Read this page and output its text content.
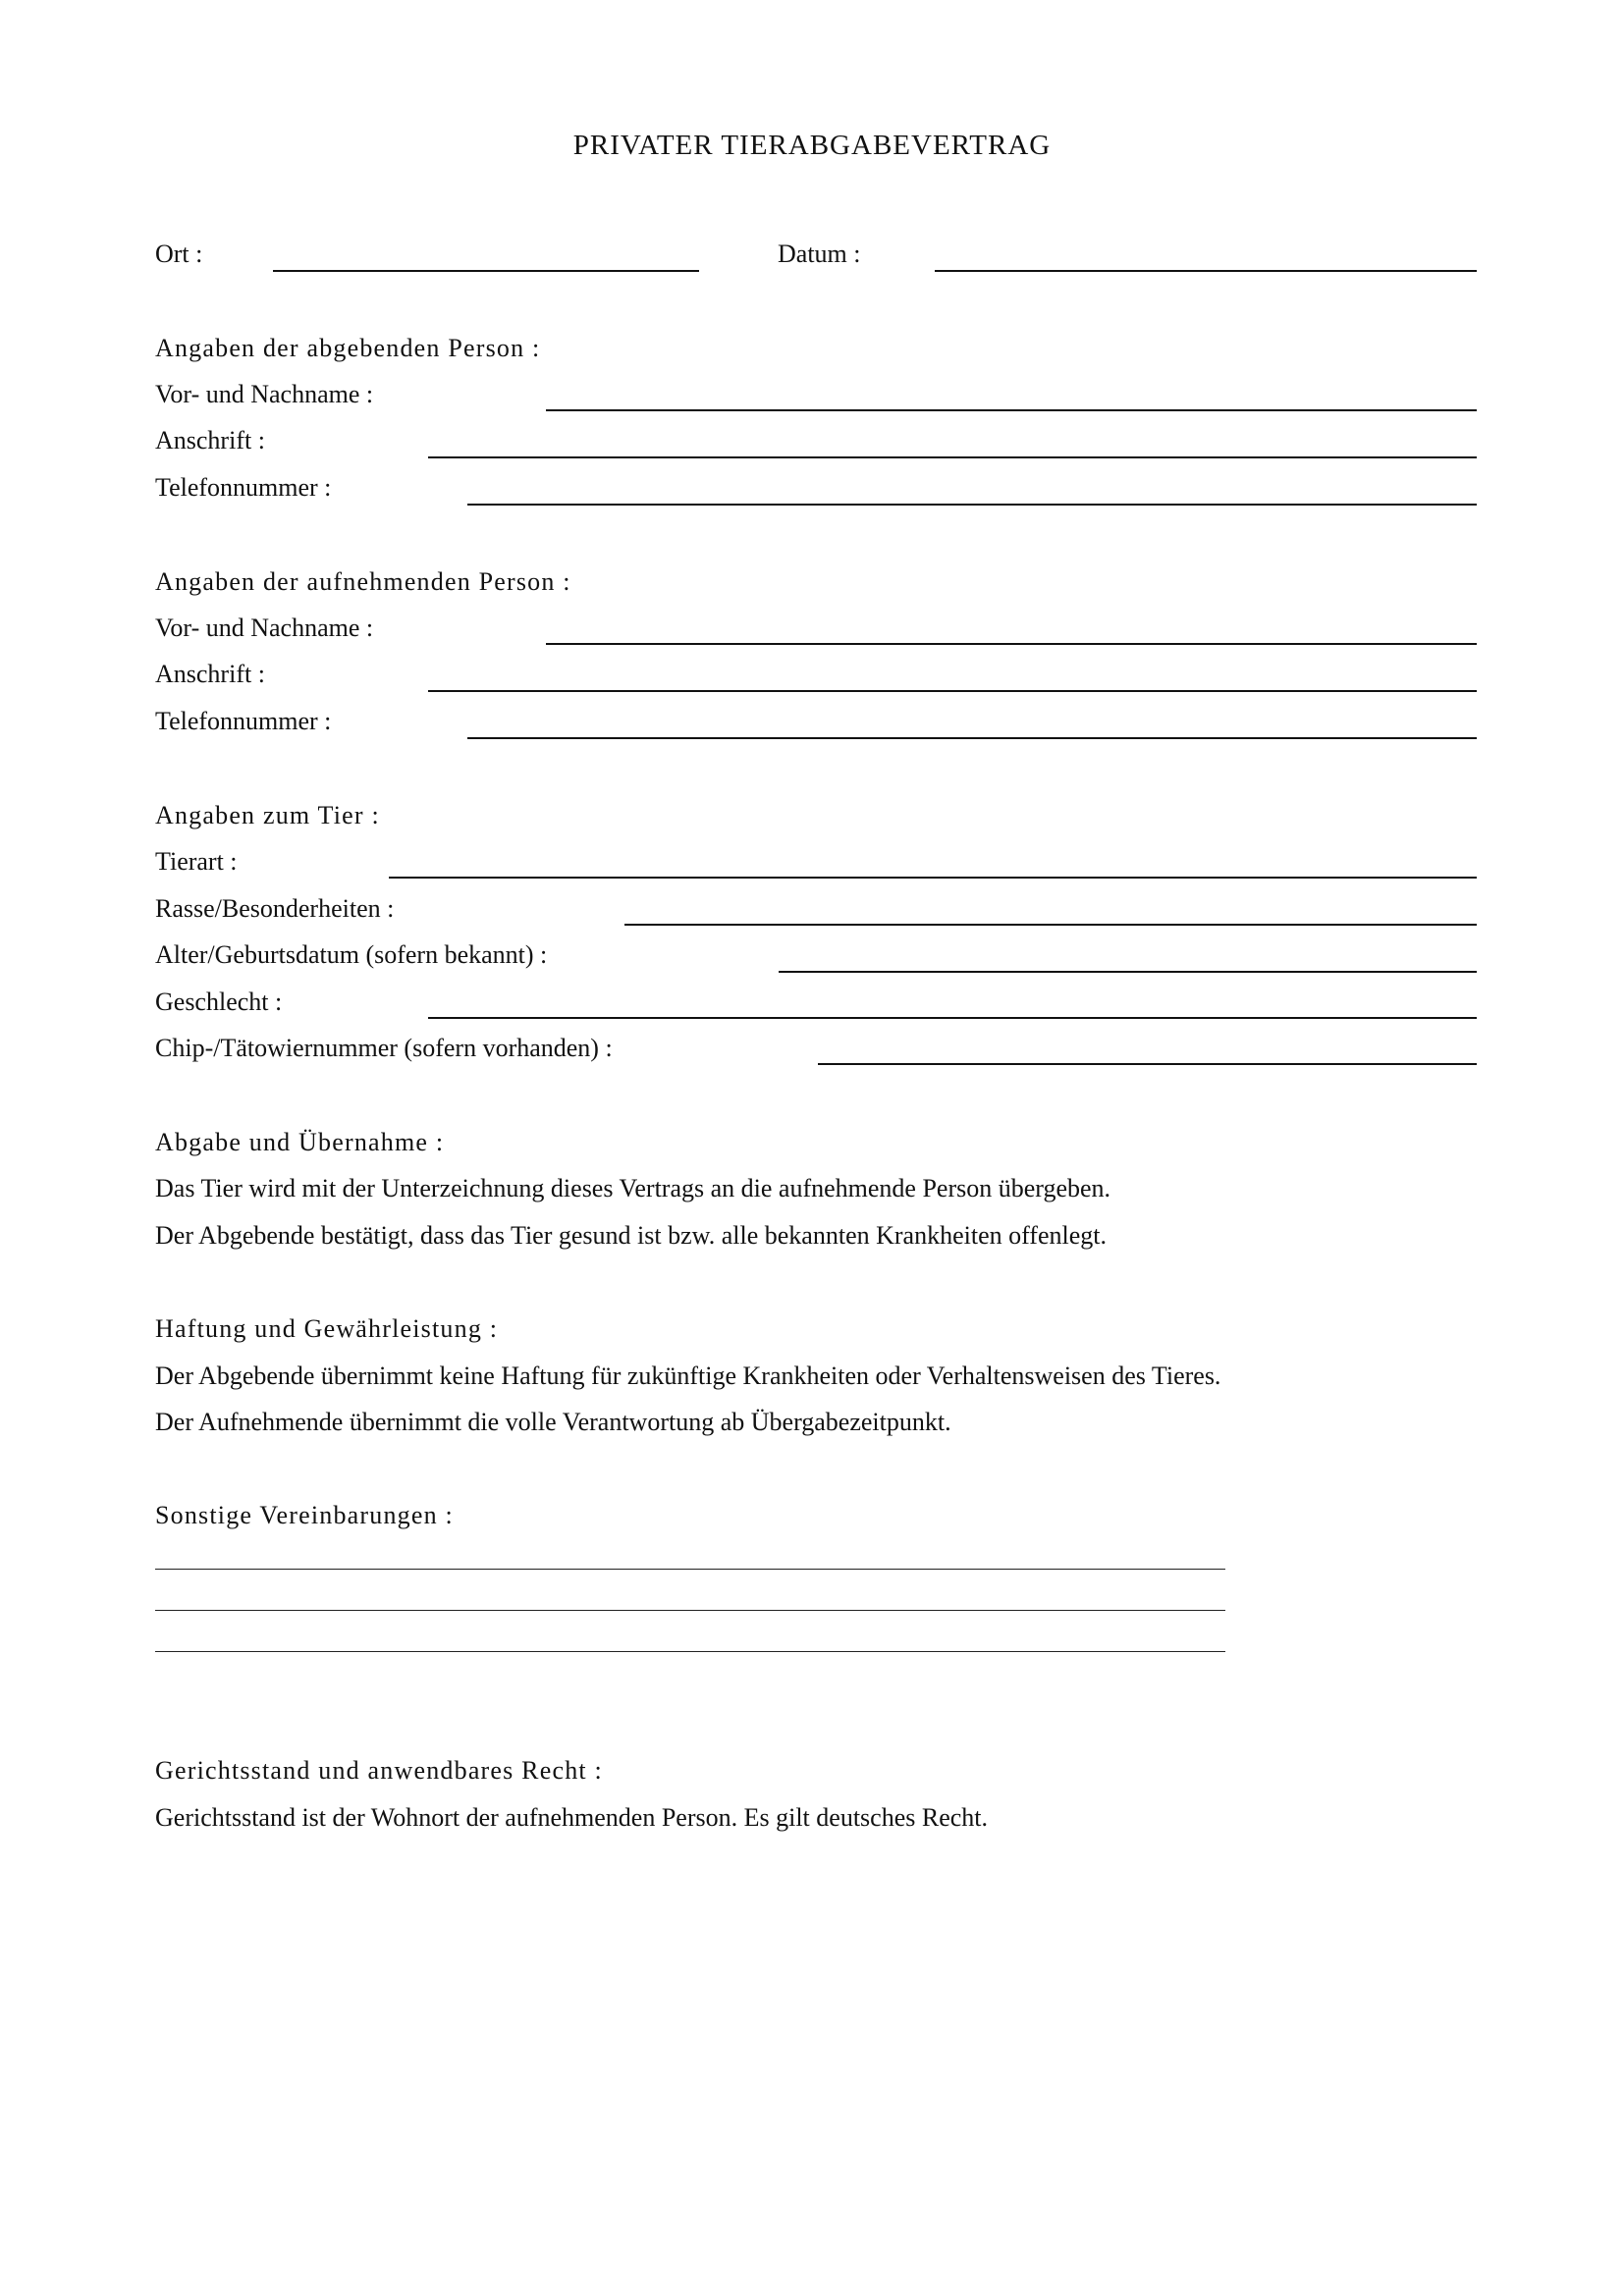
PRIVATER TIERABGABEVERTRAG
Ort :	Datum :
Angaben der abgebenden Person :
Vor- und Nachname :
Anschrift :
Telefonnummer :
Angaben der aufnehmenden Person :
Vor- und Nachname :
Anschrift :
Telefonnummer :
Angaben zum Tier :
Tierart :
Rasse/Besonderheiten :
Alter/Geburtsdatum (sofern bekannt) :
Geschlecht :
Chip-/Tätowiernummer (sofern vorhanden) :
Abgabe und Übernahme :
Das Tier wird mit der Unterzeichnung dieses Vertrags an die aufnehmende Person übergeben.
Der Abgebende bestätigt, dass das Tier gesund ist bzw. alle bekannten Krankheiten offenlegt.
Haftung und Gewährleistung :
Der Abgebende übernimmt keine Haftung für zukünftige Krankheiten oder Verhaltensweisen des Tieres.
Der Aufnehmende übernimmt die volle Verantwortung ab Übergabezeitpunkt.
Sonstige Vereinbarungen :
Gerichtsstand und anwendbares Recht :
Gerichtsstand ist der Wohnort der aufnehmenden Person. Es gilt deutsches Recht.
